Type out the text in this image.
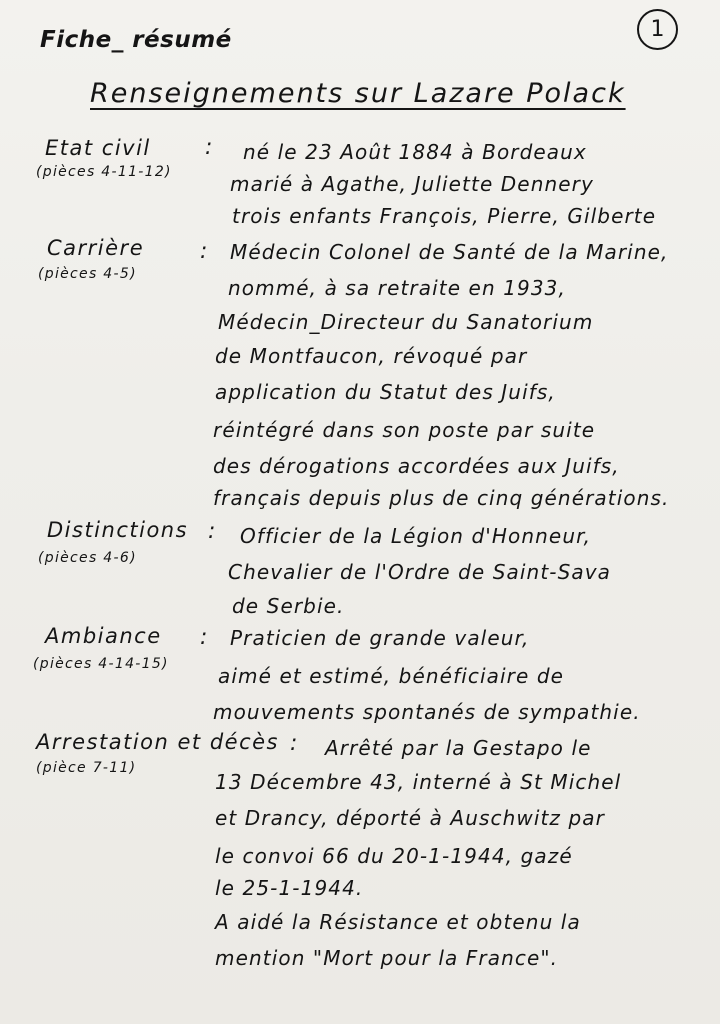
Fiche_ résumé	1
Renseignements sur Lazare Polack
Etat civil :
(pièces 4-11-12)
né le 23 Août 1884 à Bordeaux
marié à Agathe, Juliette Dennery
trois enfants François, Pierre, Gilberte
Carrière	:
(pièces 4-5)
Médecin Colonel de Santé de la Marine,
nommé, à sa retraite en 1933,
Médecin_Directeur du Sanatorium
de Montfaucon, révoqué par
application du Statut des Juifs,
réintégré dans son poste par suite
des dérogations accordées aux Juifs,
français depuis plus de cinq générations.
Distinctions :
(pièces 4-6)
Officier de la Légion d'Honneur,
Chevalier de l'Ordre de Saint-Sava
de Serbie.
Ambiance :
(pièces 4-14-15)
Praticien de grande valeur,
aimé et estimé, bénéficiaire de
mouvements spontanés de sympathie.
Arrestation et décès :
(pièce 7-11)
Arrêté par la Gestapo le
13 Décembre 43, interné à St Michel
et Drancy, déporté à Auschwitz par
le convoi 66 du 20-1-1944, gazé
le 25-1-1944.
A aidé la Résistance et obtenu la
mention "Mort pour la France".
